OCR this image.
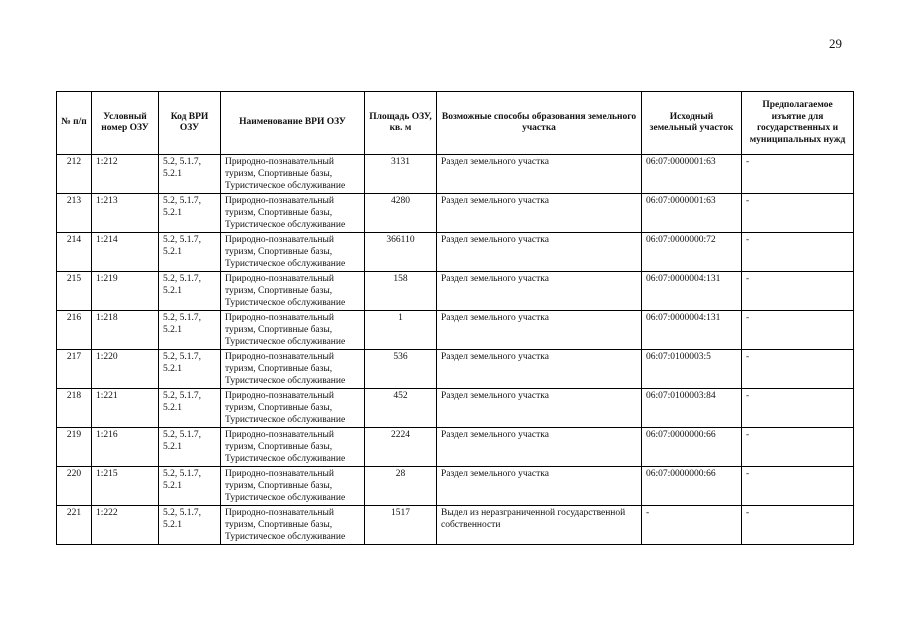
29
№ п/п	Условный номер ОЗУ	Код ВРИ ОЗУ	Наименование ВРИ ОЗУ	Площадь ОЗУ, кв. м	Возможные способы образования земельного участка	Исходный земельный участок	Предполагаемое изъятие для государственных и муниципальных нужд
212	1:212	5.2, 5.1.7, 5.2.1	Природно-познавательный туризм, Спортивные базы, Туристическое обслуживание	3131	Раздел земельного участка	06:07:0000001:63	-
213	1:213	5.2, 5.1.7, 5.2.1	Природно-познавательный туризм, Спортивные базы, Туристическое обслуживание	4280	Раздел земельного участка	06:07:0000001:63	-
214	1:214	5.2, 5.1.7, 5.2.1	Природно-познавательный туризм, Спортивные базы, Туристическое обслуживание	366110	Раздел земельного участка	06:07:0000000:72	-
215	1:219	5.2, 5.1.7, 5.2.1	Природно-познавательный туризм, Спортивные базы, Туристическое обслуживание	158	Раздел земельного участка	06:07:0000004:131	-
216	1:218	5.2, 5.1.7, 5.2.1	Природно-познавательный туризм, Спортивные базы, Туристическое обслуживание	1	Раздел земельного участка	06:07:0000004:131	-
217	1:220	5.2, 5.1.7, 5.2.1	Природно-познавательный туризм, Спортивные базы, Туристическое обслуживание	536	Раздел земельного участка	06:07:0100003:5	-
218	1:221	5.2, 5.1.7, 5.2.1	Природно-познавательный туризм, Спортивные базы, Туристическое обслуживание	452	Раздел земельного участка	06:07:0100003:84	-
219	1:216	5.2, 5.1.7, 5.2.1	Природно-познавательный туризм, Спортивные базы, Туристическое обслуживание	2224	Раздел земельного участка	06:07:0000000:66	-
220	1:215	5.2, 5.1.7, 5.2.1	Природно-познавательный туризм, Спортивные базы, Туристическое обслуживание	28	Раздел земельного участка	06:07:0000000:66	-
221	1:222	5.2, 5.1.7, 5.2.1	Природно-познавательный туризм, Спортивные базы, Туристическое обслуживание	1517	Выдел из неразграниченной государственной собственности	-	-
